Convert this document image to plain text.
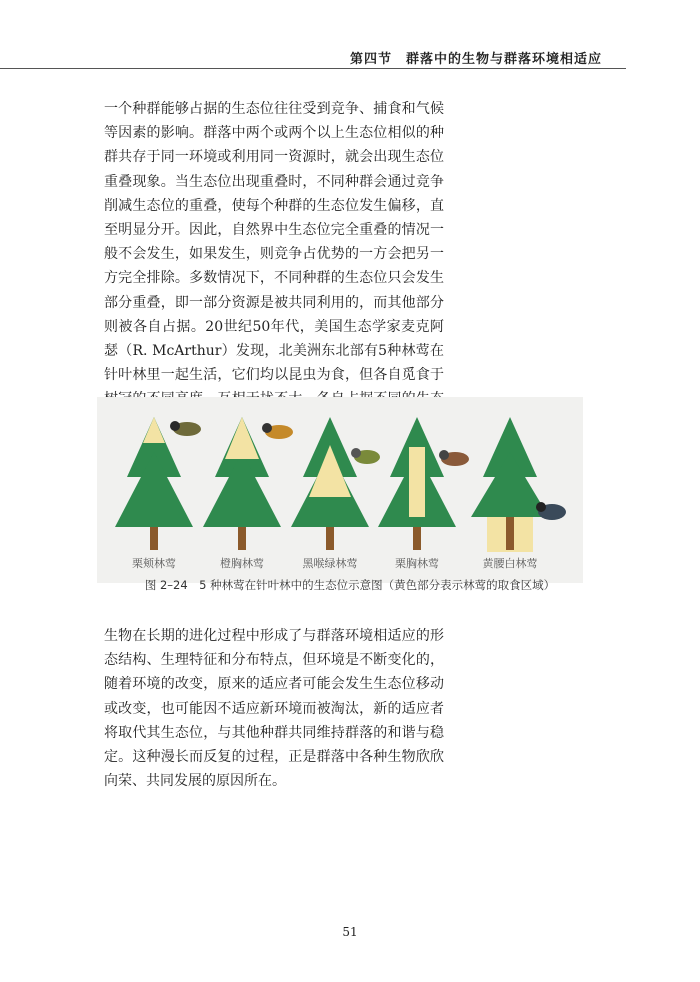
第四节　群落中的生物与群落环境相适应

一个种群能够占据的生态位往往受到竞争、捕食和气候等因素的影响。群落中两个或两个以上生态位相似的种群共存于同一环境或利用同一资源时，就会出现生态位重叠现象。当生态位出现重叠时，不同种群会通过竞争削减生态位的重叠，使每个种群的生态位发生偏移，直至明显分开。因此，自然界中生态位完全重叠的情况一般不会发生，如果发生，则竞争占优势的一方会把另一方完全排除。多数情况下，不同种群的生态位只会发生部分重叠，即一部分资源是被共同利用的，而其他部分则被各自占据。20世纪50年代，美国生态学家麦克阿瑟（R. McArthur）发现，北美洲东北部有5种林莺在针叶林里一起生活，它们均以昆虫为食，但各自觅食于

栗颊林莺	橙胸林莺	黑喉绿林莺	栗胸林莺	黄腰白林莺
图 2–24　5 种林莺在针叶林中的生态位示意图（黄色部分表示林莺的取食区域）

生物在长期的进化过程中形成了与群落环境相适应的形态结构、生理特征和分布特点，但环境是不断变化的，随着环境的改变，原来的适应者可能会发生生态位移动或改变，也可能因不适应新环境而被淘汰，新的适应者将取代其生态位，与其他种群共同维持群落的和谐与稳定。这种漫长而反复的过程，正是群落中各种生物欣欣向荣、共同发展的原因所在。

51
